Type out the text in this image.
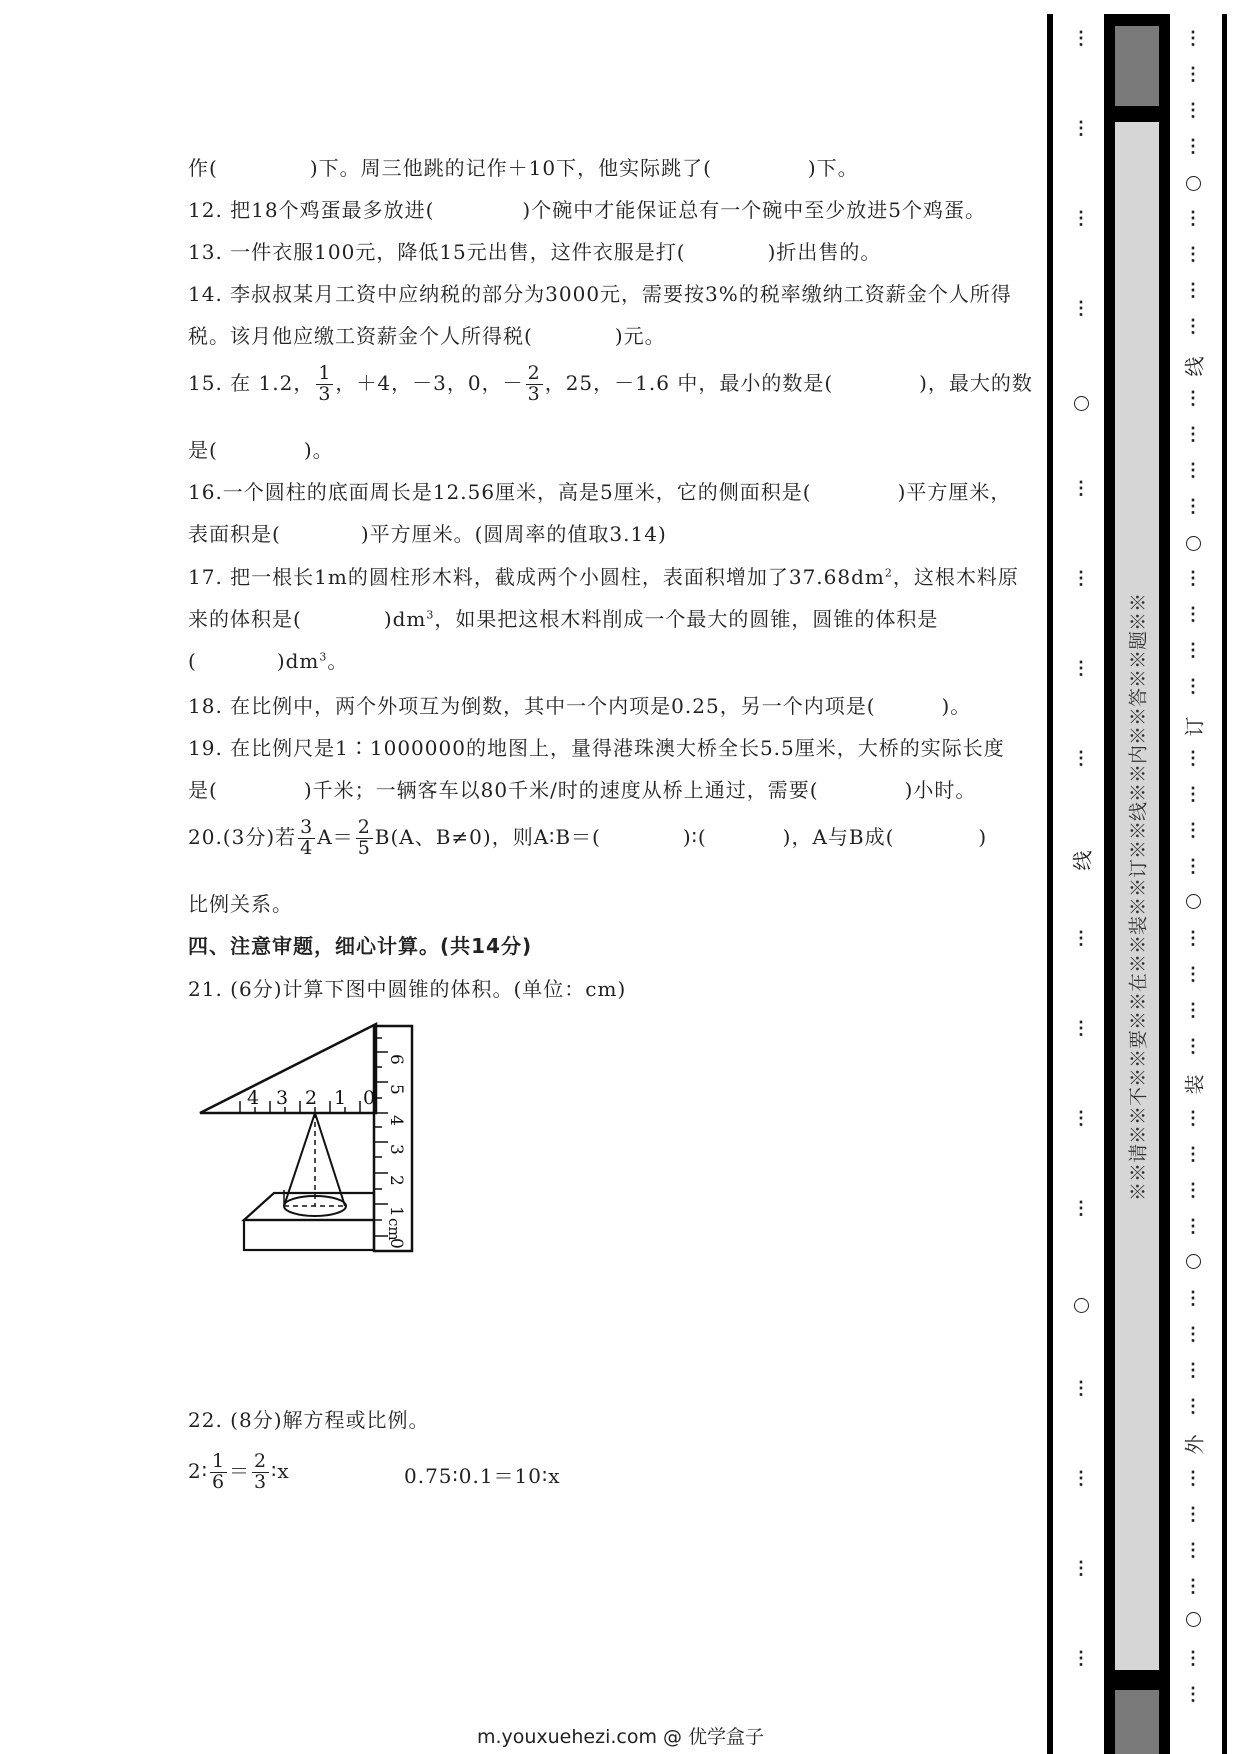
作(	)下。周三他跳的记作＋10下，他实际跳了(	)下。
12. 把18个鸡蛋最多放进(	)个碗中才能保证总有一个碗中至少放进5个鸡蛋。
13. 一件衣服100元，降低15元出售，这件衣服是打(	)折出售的。
14. 李叔叔某月工资中应纳税的部分为3000元，需要按3%的税率缴纳工资薪金个人所得
税。该月他应缴工资薪金个人所得税(	)元。
15. 在 1.2， $\frac{1}{3}$ ，＋4，－3，0，－ $\frac{2}{3}$ ，25，－1.6 中，最小的数是(	)，最大的数
是(	)。
16.一个圆柱的底面周长是12.56厘米，高是5厘米，它的侧面积是(	)平方厘米，
表面积是(	)平方厘米。(圆周率的值取3.14)
17. 把一根长1m的圆柱形木料，截成两个小圆柱，表面积增加了$37.68dm^2$，这根木料原
来的体积是(	)$dm^3$，如果把这根木料削成一个最大的圆锥，圆锥的体积是
(	)$dm^3$。
18. 在比例中，两个外项互为倒数，其中一个内项是0.25，另一个内项是(	)。
19. 在比例尺是1∶1000000的地图上，量得港珠澳大桥全长5.5厘米，大桥的实际长度
是(	)千米；一辆客车以80千米/时的速度从桥上通过，需要(	)小时。
20.(3分)若 $\frac{3}{4} A= \frac{2}{5} B(A$、B≠0)，则A∶B＝(	)∶(	)，A与B成(	)
比例关系。
四、注意审题，细心计算。(共14分)
21. (6分)计算下图中圆锥的体积。(单位：cm)
4 3 2 1 0
0
1
2
3
4
5
6
cm
22. (8分)解方程或比例。
2∶ $\frac{1}{6} = \frac{2}{3}$ ∶x	0.75∶0.1＝10∶x
m.youxuehezi.com @ 优学盒子
※※请※※不※※要※※在※※装※※订※※线※※内※※答※※题※※
线
线
订
装
外
⋮
⋮
⋮
⋮
⋮
⋮
⋮
⋮
⋮
⋮
⋮
⋮
⋮
⋮
⋮
⋮
⋮
⋮
⋮
⋮
⋮
⋮
⋮
⋮
⋮
⋮
⋮
⋮
⋮
⋮
⋮
⋮
⋮
⋮
⋮
⋮
⋮
⋮
⋮
⋮
⋮
⋮
⋮
⋮
⋮
⋮
⋮
⋮
⋮
⋮
⋮
⋮
⋮
⋮
